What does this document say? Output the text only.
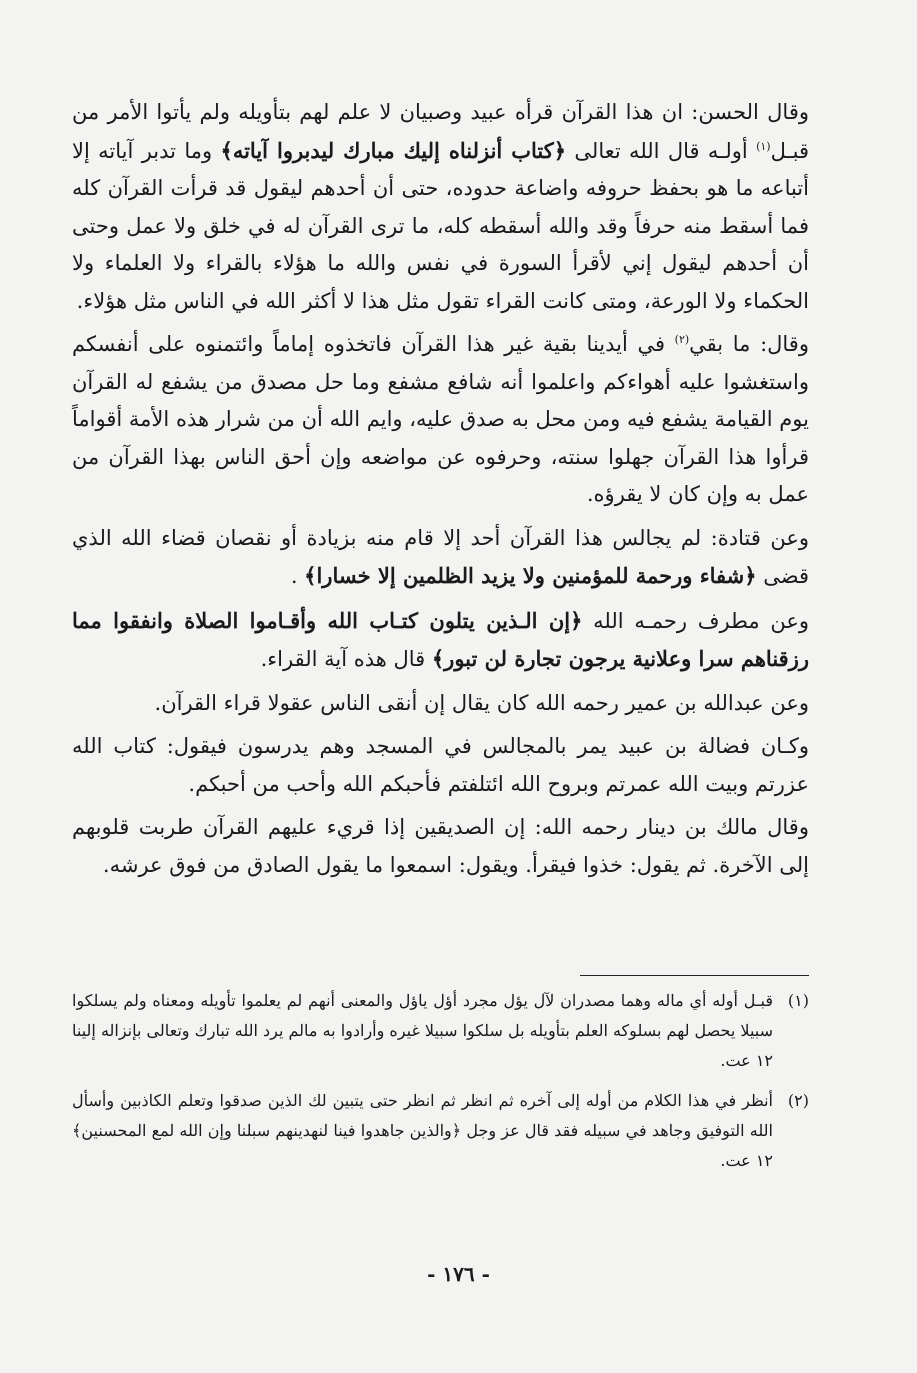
وقال الحسن: ان هذا القرآن قرأه عبيد وصبيان لا علم لهم بتأويله ولم يأتوا الأمر من قبـل$^{(١)}$ أولـه قال الله تعالى ﴿كتاب أنزلناه إليك مبارك ليدبروا آياته﴾ وما تدبر آياته إلا أتباعه ما هو بحفظ حروفه واضاعة حدوده، حتى أن أحدهم ليقول قد قرأت القرآن كله فما أسقط منه حرفاً وقد والله أسقطه كله، ما ترى القرآن له في خلق ولا عمل وحتى أن أحدهم ليقول إني لأقرأ السورة في نفس والله ما هؤلاء بالقراء ولا العلماء ولا الحكماء ولا الورعة، ومتى كانت القراء تقول مثل هذا لا أكثر الله في الناس مثل هؤلاء.

وقال: ما بقي$^{(٢)}$ في أيدينا بقية غير هذا القرآن فاتخذوه إماماً وائتمنوه على أنفسكم واستغشوا عليه أهواءكم واعلموا أنه شافع مشفع وما حل مصدق من يشفع له القرآن يوم القيامة يشفع فيه ومن محل به صدق عليه، وايم الله أن من شرار هذه الأمة أقواماً قرأوا هذا القرآن جهلوا سنته، وحرفوه عن مواضعه وإن أحق الناس بهذا القرآن من عمل به وإن كان لا يقرؤه.

وعن قتادة: لم يجالس هذا القرآن أحد إلا قام منه بزيادة أو نقصان قضاء الله الذي قضى ﴿شفاء ورحمة للمؤمنين ولا يزيد الظلمين إلا خسارا﴾ .

وعن مطرف رحمـه الله ﴿إن الـذين يتلون كتـاب الله وأقـاموا الصلاة وانفقوا مما رزقناهم سرا وعلانية يرجون تجارة لن تبور﴾ قال هذه آية القراء.

وعن عبدالله بن عمير رحمه الله كان يقال إن أنقى الناس عقولا قراء القرآن.

وكـان فضالة بن عبيد يمر بالمجالس في المسجد وهم يدرسون فيقول: كتاب الله عزرتم وبيت الله عمرتم وبروح الله ائتلفتم فأحبكم الله وأحب من أحبكم.

وقال مالك بن دينار رحمه الله: إن الصديقين إذا قريء عليهم القرآن طربت قلوبهم إلى الآخرة. ثم يقول: خذوا فيقرأ. ويقول: اسمعوا ما يقول الصادق من فوق عرشه.

(١)
قبـل أوله أي ماله وهما مصدران لآل يؤل مجرد أؤل ياؤل والمعنى أنهم لم يعلموا تأويله ومعناه ولم يسلكوا سبيلا يحصل لهم بسلوكه العلم بتأويله بل سلكوا سبيلا غيره وأرادوا به مالم يرد الله تبارك وتعالى بإنزاله إلينا ١٢ عت.

(٢)
أنظر في هذا الكلام من أوله إلى آخره ثم انظر ثم انظر حتى يتبين لك الذين صدقوا وتعلم الكاذبين وأسأل الله التوفيق وجاهد في سبيله فقد قال عز وجل ﴿والذين جاهدوا فينا لنهدينهم سبلنا وإن الله لمع المحسنين﴾ ١٢ عت.

- ١٧٦ -
